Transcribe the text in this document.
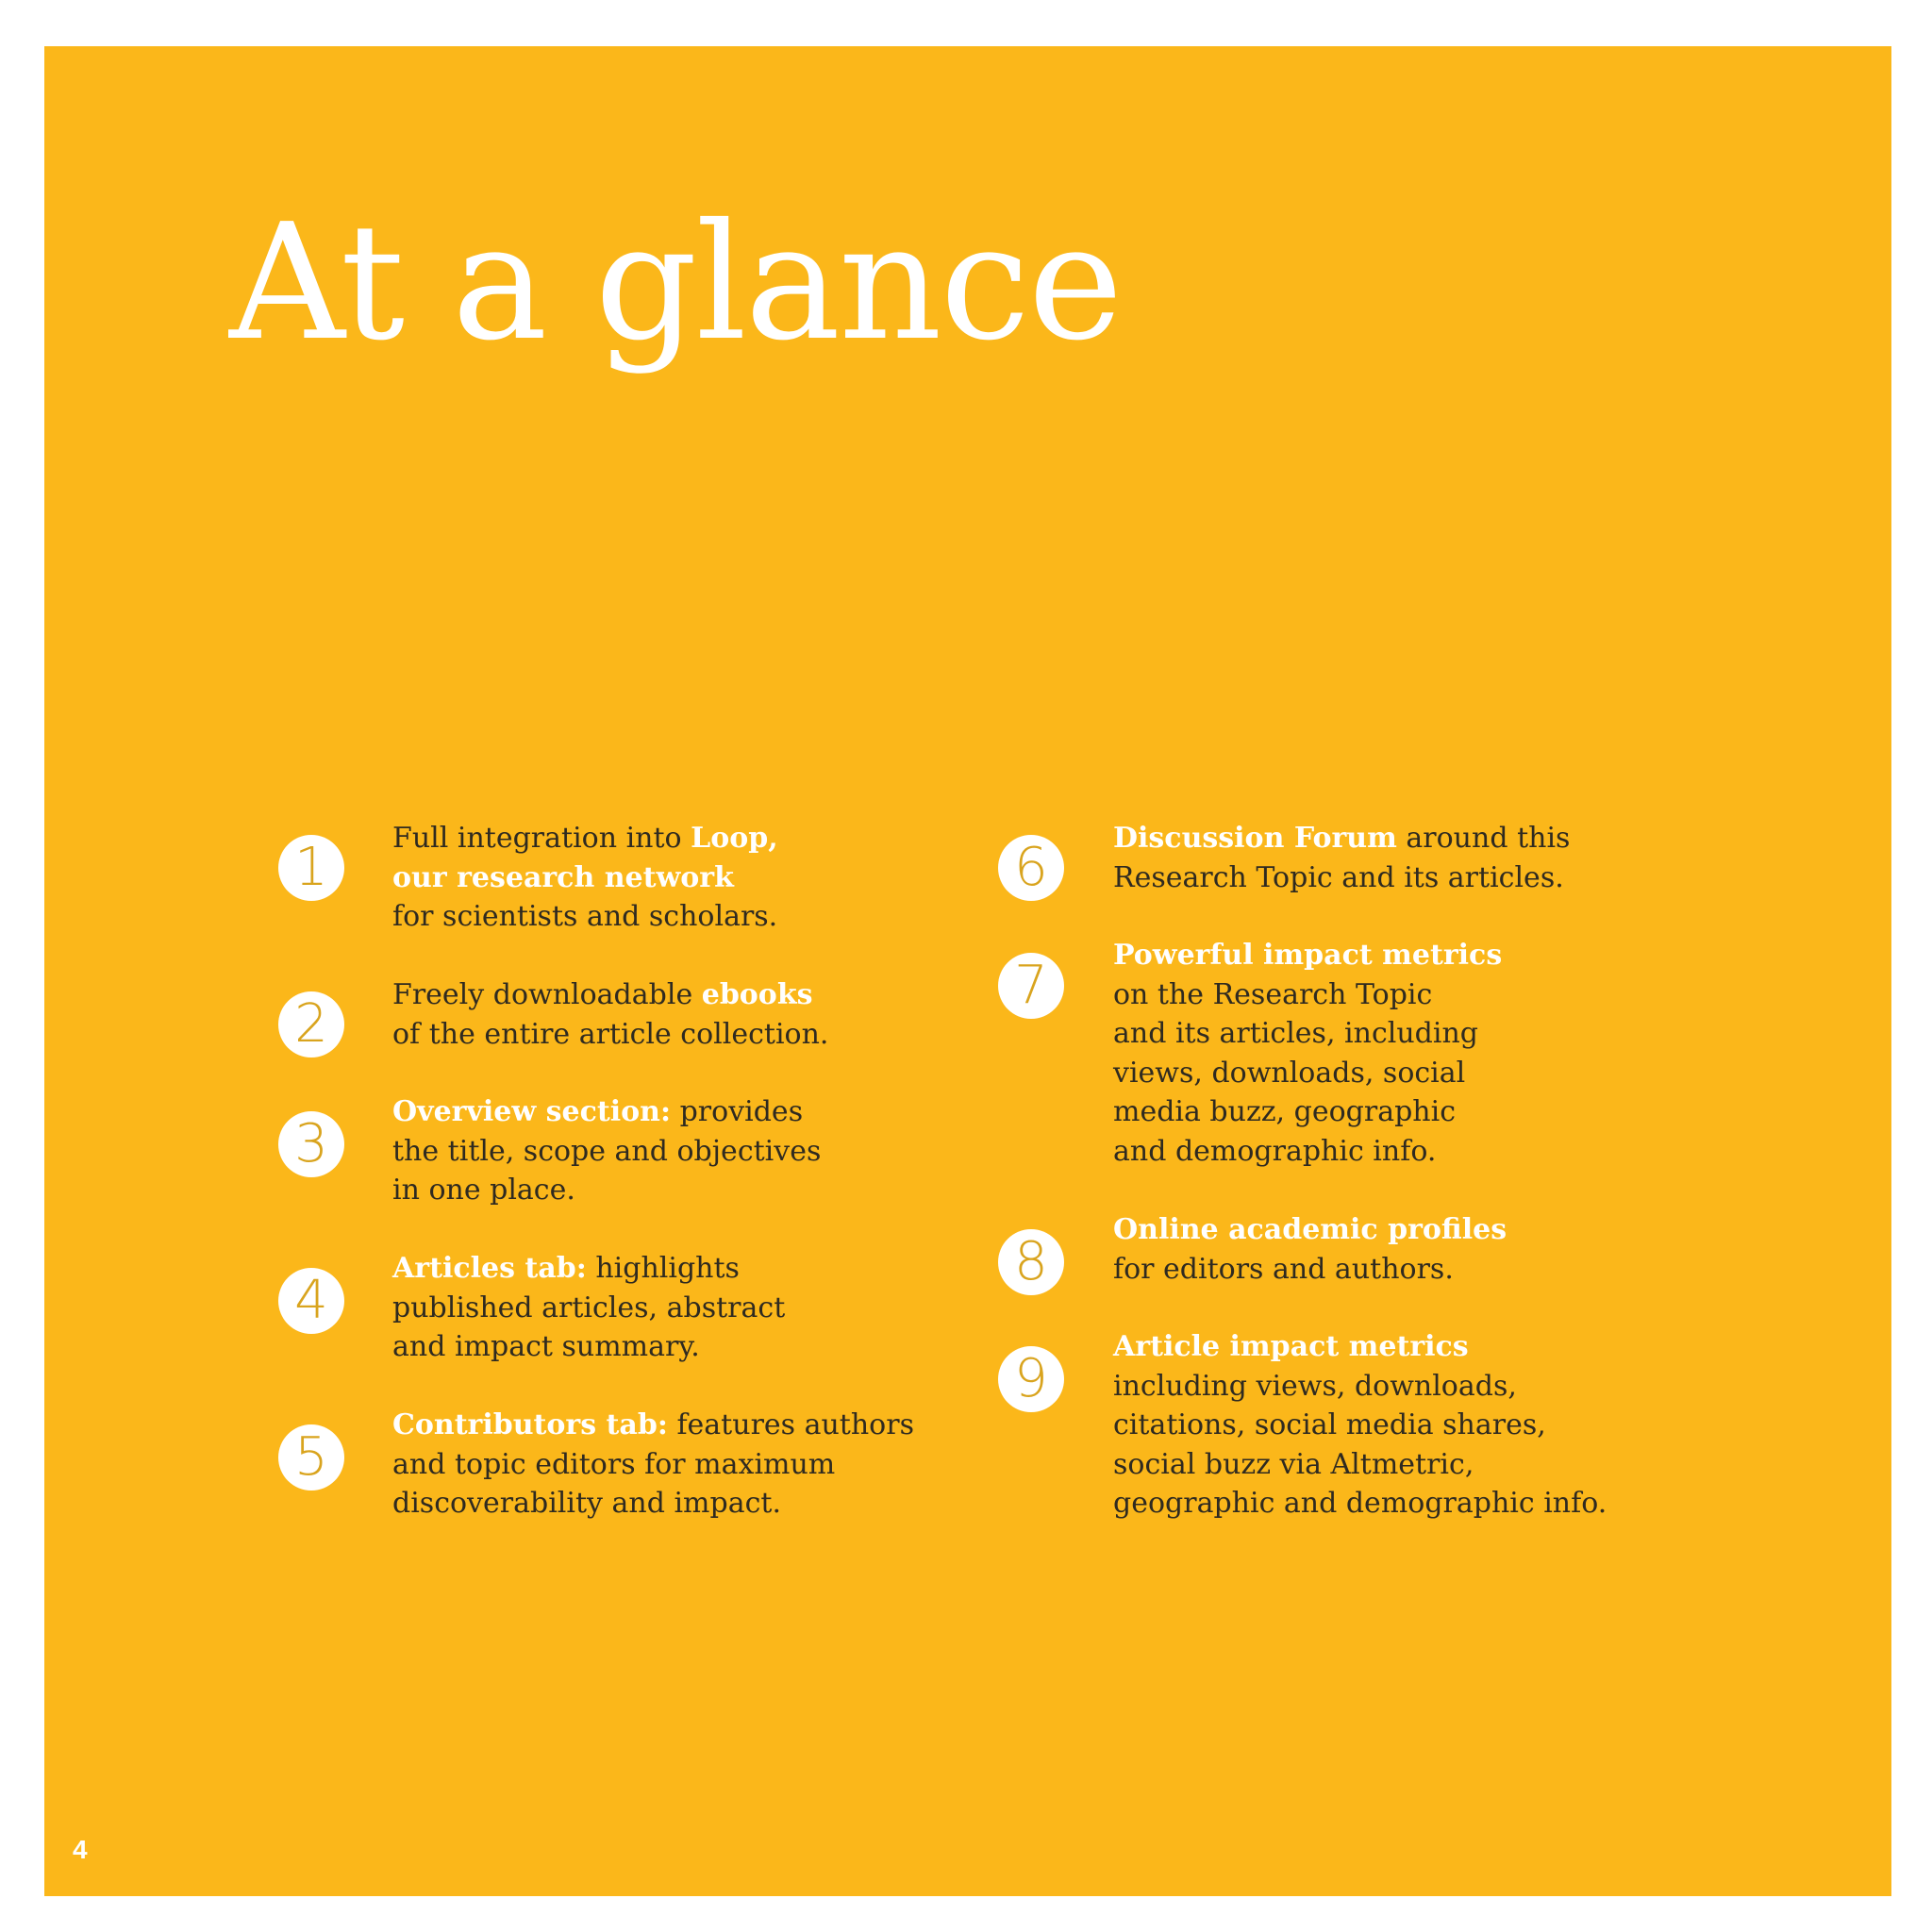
At a glance
1	Full integration into Loop,

our research network

for scientists and scholars.

2	Freely downloadable ebooks

of the entire article collection.

3

Overview section: provides

the title, scope and objectives

in one place.

4

Articles tab: highlights

published articles, abstract

and impact summary.

5

Contributors tab: features authors

and topic editors for maximum

discoverability and impact.

6	Discussion Forum around this

Research Topic and its articles.

7	Powerful impact metrics

on the Research Topic

and its articles, including

views, downloads, social

media buzz, geographic

and demographic info.

8

Online academic profiles

for editors and authors.

9

Article impact metrics

including views, downloads,

citations, social media shares,

social buzz via Altmetric,

geographic and demographic info.

4
